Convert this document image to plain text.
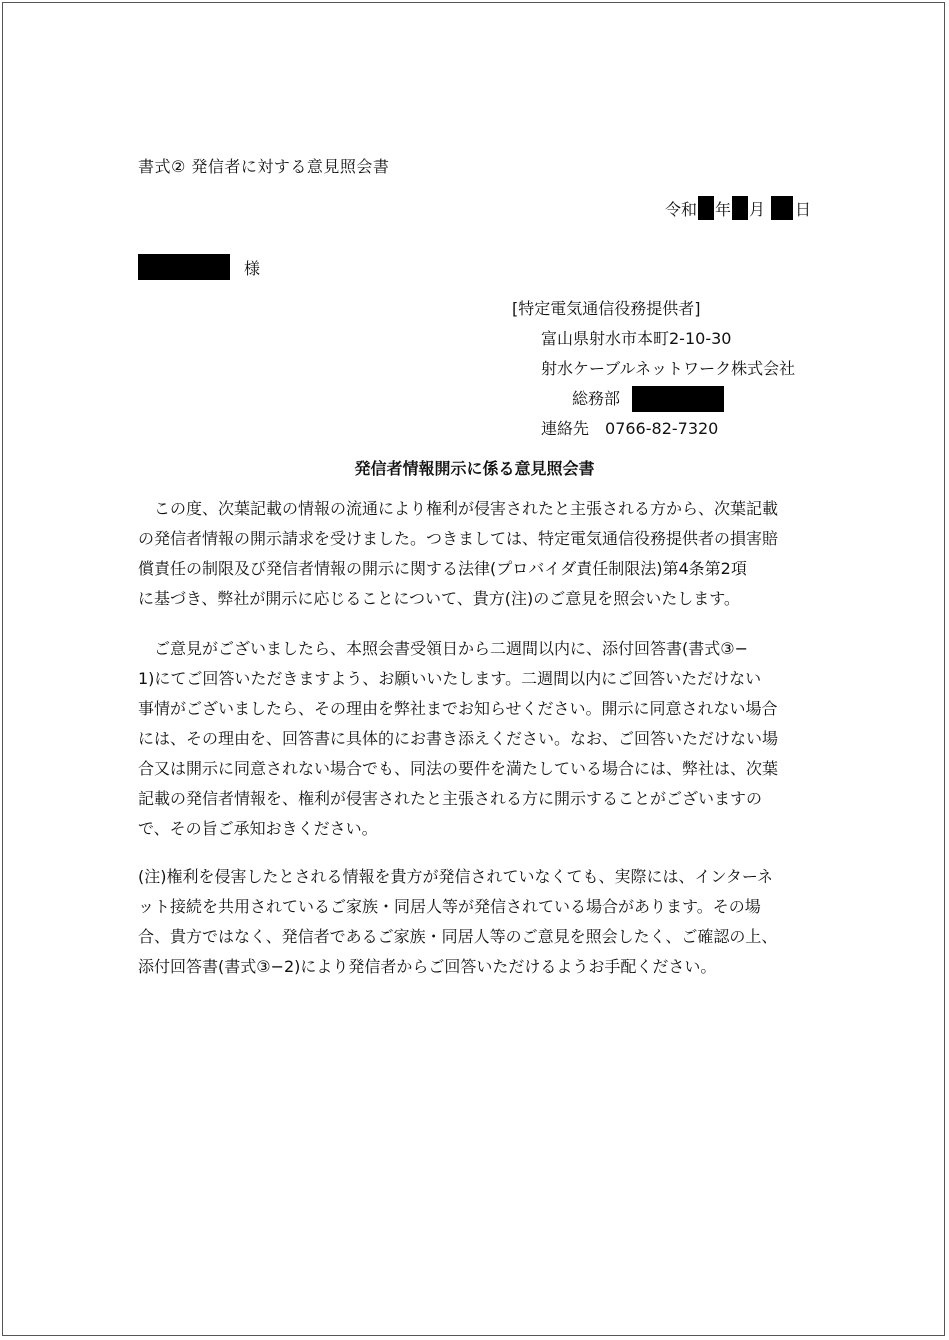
書式② 発信者に対する意見照会書
令和 年 月 日
様
[特定電気通信役務提供者]
富山県射水市本町2-10-30
射水ケーブルネットワーク株式会社
総務部
連絡先 0766-82-7320
発信者情報開示に係る意見照会書
この度、次葉記載の情報の流通により権利が侵害されたと主張される方から、次葉記載
の発信者情報の開示請求を受けました。つきましては、特定電気通信役務提供者の損害賠
償責任の制限及び発信者情報の開示に関する法律(プロバイダ責任制限法)第4条第2項
に基づき、弊社が開示に応じることについて、貴方(注)のご意見を照会いたします。
ご意見がございましたら、本照会書受領日から二週間以内に、添付回答書(書式③−
1)にてご回答いただきますよう、お願いいたします。二週間以内にご回答いただけない
事情がございましたら、その理由を弊社までお知らせください。開示に同意されない場合
には、その理由を、回答書に具体的にお書き添えください。なお、ご回答いただけない場
合又は開示に同意されない場合でも、同法の要件を満たしている場合には、弊社は、次葉
記載の発信者情報を、権利が侵害されたと主張される方に開示することがございますの
で、その旨ご承知おきください。
(注)権利を侵害したとされる情報を貴方が発信されていなくても、実際には、インターネ
ット接続を共用されているご家族・同居人等が発信されている場合があります。その場
合、貴方ではなく、発信者であるご家族・同居人等のご意見を照会したく、ご確認の上、
添付回答書(書式③−2)により発信者からご回答いただけるようお手配ください。
